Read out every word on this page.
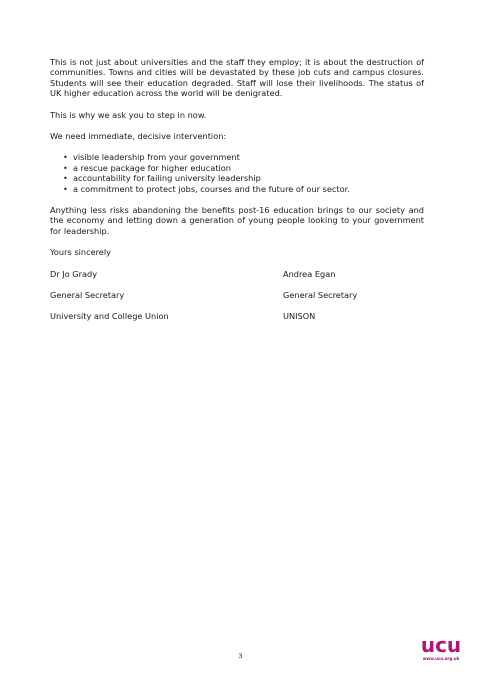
This is not just about universities and the staff they employ; it is about the destruction of communities. Towns and cities will be devastated by these job cuts and campus closures. Students will see their education degraded. Staff will lose their livelihoods. The status of UK higher education across the world will be denigrated.

This is why we ask you to step in now.

We need immediate, decisive intervention:

• visible leadership from your government
• a rescue package for higher education
• accountability for failing university leadership
• a commitment to protect jobs, courses and the future of our sector.

Anything less risks abandoning the benefits post-16 education brings to our society and the economy and letting down a generation of young people looking to your government for leadership.

Yours sincerely

Dr Jo Grady	Andrea Egan
General Secretary	General Secretary
University and College Union	UNISON
3	ucu
www.ucu.org.uk
